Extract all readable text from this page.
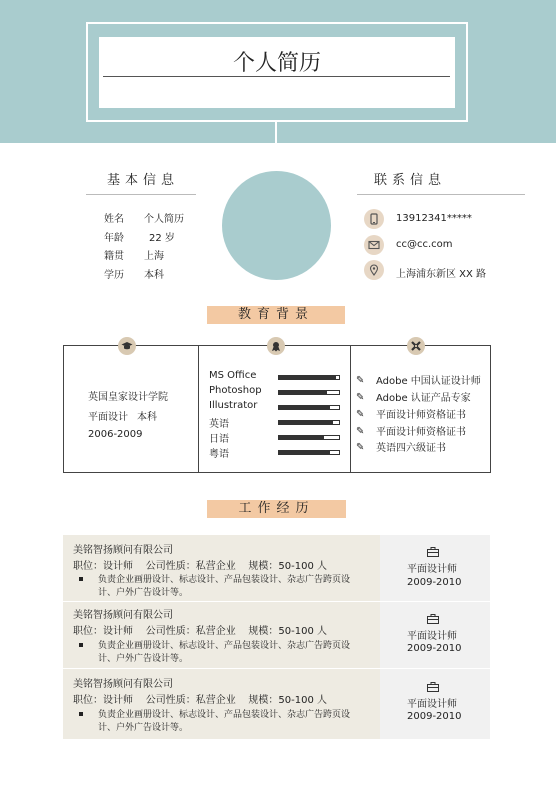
个人简历
基本信息
姓名 个人简历
年龄	22 岁
籍贯 上海
学历 本科
联系信息
13912341*****
cc@cc.com
上海浦东新区 XX 路
教育背景
英国皇家设计学院
平面设计 本科
2006-2009
MS Office
Photoshop
Illustrator
英语
日语
粤语
✎ Adobe 中国认证设计师
✎ Adobe 认证产品专家
✎ 平面设计师资格证书
✎ 平面设计师资格证书
✎ 英语四六级证书
工作经历
美铭智扬顾问有限公司
职位：设计师    公司性质：私营企业    规模：50-100 人
负责企业画册设计、标志设计、产品包装设计、杂志广告跨页设
计、户外广告设计等。
平面设计师
2009-2010
美铭智扬顾问有限公司
职位：设计师    公司性质：私营企业    规模：50-100 人
负责企业画册设计、标志设计、产品包装设计、杂志广告跨页设
计、户外广告设计等。
平面设计师
2009-2010
美铭智扬顾问有限公司
职位：设计师    公司性质：私营企业    规模：50-100 人
负责企业画册设计、标志设计、产品包装设计、杂志广告跨页设
计、户外广告设计等。
平面设计师
2009-2010
